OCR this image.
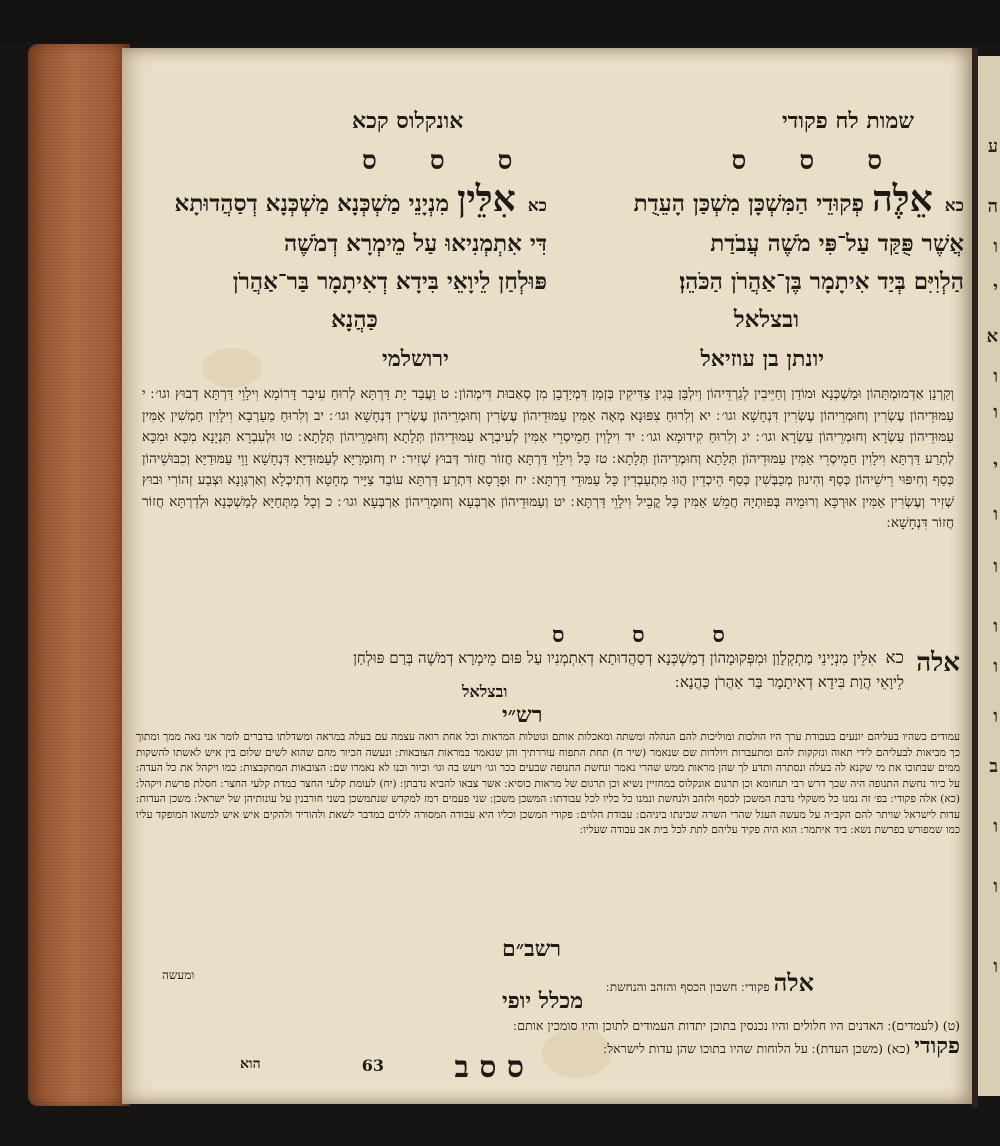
שמות לח פקודי
אונקלוס קכא
ס ס ס
ס ס ס
כא אֵלֶּה פְקוּדֵי הַמִּשְׁכָּן מִשְׁכַּן הָעֵדֻת
אֲשֶׁר פֻּקַּד עַל־פִּי מֹשֶׁה עֲבֹדַת
הַלְוִיִּם בְּיַד אִיתָמָר בֶּן־אַהֲרֹן הַכֹּהֵן׃
ובצלאל
כא אִלֵּין מִנְיָנֵי מַשְׁכְּנָא מַשְׁכְּנָא דְסַהֲדוּתָא
דִּי אִתְמְנִיאוּ עַל מֵימְרָא דְמֹשֶׁה
פּוּלְחַן לֵיוָאֵי בִּידָא דְאִיתָמָר בַּר־אַהֲרֹן
כַּהֲנָא
יונתן בן עוזיאל
ירושלמי
וְקַרְנַן אַדְמוּמְתָּהוֹן וּמַשְׁכְּנָא וּמוֹדַן וְחַיֵּיבִין לְגַרְדֵּיהוֹן וְיִלְבָּן בְּגִין צַדִּיקִין בְּזְמַן דִּמְיָדְבָן מִן סְאַבוּת דִּימְהוֹן ׃ ט וַעֲבַד יָת דַּרְתָּא לְרוּחַ עִיבַר דָּרוֹמָא וִילָוֵי דַּרְתָּא דְבוּץ וגו׳ ׃ י עַמּוּדֵיהוֹן עֶשְׂרִין וְחוּמְרֵיהוֹן עֶשְׂרִין דִּנְחָשָׁא וגו׳ ׃ יא וְלִרוּחַ צִפּוּנָא מְאָה אַמִּין עַמּוּדֵיהוֹן עֶשְׂרִין וְחוּמְרֵיהוֹן עֶשְׂרִין דִּנְחָשָׁא וגו׳ ׃ יב וְלִרוּחַ מַעַרְבָא וִילָוִין חַמְשִׁין אַמִּין עַמּוּדֵיהוֹן עַשְׂרָא וְחוּמְרֵיהוֹן עַשְׂרָא וגו׳ ׃ יג וְלִרוּחַ קִידוּמָא וגו׳ ׃ יד וִילָוִין חַמֵיסְרֵי אַמִּין לְעִיבְרָא עַמּוּדֵיהוֹן תְּלָתָא וְחוּמְרֵיהוֹן תְּלָתָא ׃ טו וּלְעִבְרָא תִּנְיָנָא מִכָּא וּמִכָּא לְתְרַע דַּרְתָּא וִילָוִין חַמֵיסְרֵי אַמִּין עַמּוּדֵיהוֹן תְּלָתָא וְחוּמְרֵיהוֹן תְּלָתָא ׃ טז כָּל וִילָוֵי דַּרְתָּא חֲזוֹר חֲזוֹר דְּבוּץ שְׁזִיר ׃ יז וְחוּמְרַיָּא לְעַמּוּדַיָּא דִּנְחָשָׁא וָוֵי עַמּוּדַיָּא וְכִבּוּשֵׁיהוֹן כְּסַף וְחִיפּוּי רֵישֵׁיהוֹן כְּסַף וְהִינוּן מְכַבְּשִׁין כְּסַף הֵיכְדֵין הֲווּ מִתְעַבְדִין כָּל עַמּוּדֵי דַּרְתָּא ׃ יח וּפְרָסָא דִּתְרַע דַּרְתָּא עוֹבַד צַיָּיר מְחָטָא דְּתִיכְלָא וְאַרְגְּוָנָא וּצְבַע זְהוֹרִי וּבוּץ שְׁזִיר וְעֶשְׂרִין אַמִּין אוּרְכָּא וְרוּמֵיהּ בְּפוּתְיָהּ חֲמֵשׁ אַמִּין כָּל קֳבֵיל וִילָוֵי דַּרְתָּא ׃ יט וְעַמּוּדֵיהוֹן אַרְבְּעָא וְחוּמְרֵיהוֹן אַרְבְּעָא וגו׳ ׃ כ וְכָל מַתְּחַיָּא לְמַשְׁכְּנָא וּלְדַרְתָּא חֲזוֹר חֲזוֹר דִּנְחָשָׁא ׃
ס ס ס
אלה
כא אִלֵּין מִנְיָינֵי מַתְקְלָוַן וּמִפְּקוּמָהוֹן דְמַשְׁכְּנָא דְסַהֲדוּתָא דְאִתְמְנִיו עַל פּוּם מֵימְרָא דְמֹשֶׁה בְּרַם פּוּלְחַן
לֵיוָאֵי הֲוַת בִּידָא דְאִיתָמָר בַּר אַהֲרֹן כַּהֲנָא ׃
ובצלאל
רש״י
עמודים כשהיו בעליהם יונעים בעבודת ערך היו הולכות ומוליכות להם הנהלה ומשתה ומאכלות אותם ונוטלות המראות וכל אחת רואה עצמה עם בעלה במראה ומשדלתו בדברים לומר אני נאה ממך ומתוך כך מביאות לבעליהם לידי תאוה ונזקקות להם ומתעברות ויולדות שם שנאמר (שיר ח) תחת התפוח עוררתיך והן שנאמר במראות הצובאות ׃ ונעשה הכיור מהם שהוא לשים שלום בין איש לאשתו להשקות ממים שבתוכו את מי שקנא לה בעלה ונסתרה ותדע לך שהן מראות ממש שהרי נאמר ונחשת התנופה שבעים ככר וגו׳ ויעש בה וגו׳ וכיור וכנו לא נאמרו שם ׃ הצובאות המתקבצות ׃ כמו ויקהל את כל העדה ׃ על כיור נחשת התנופה היה שכך דרש רבי תנחומא וכן תרגום אונקלוס במחזיין נשיא וכן תרגום של מראות כוסיא ׃ אשר צבאו להביא נדבתן ׃ (יח) לעומת קלעי החצר כמדת קלעי החצר ׃ חסלת פרשת ויקהל ׃ (כא) אלה פקודי ׃ בפ׳ זה נמנו כל משקלי נדבת המשכן לכסף ולזהב ולנחשת ונמנו כל כליו לכל עבודתו ׃ המשכן משכן ׃ שני פעמים רמז למקדש שנתמשכן בשני חורבנין על עונותיהן של ישראל ׃ משכן העדות ׃ עדות לישראל שויתר להם הקב״ה על מעשה העגל שהרי השרה שכינתו ביניהם ׃ עבודת הלוים ׃ פקודי המשכן וכליו היא עבודה המסורה ללוים במדבר לשאת ולהוריד ולהקים איש איש למשאו המופקד עליו כמו שמפורש בפרשת נשא ׃ ביד איתמר ׃ הוא היה פקיד עליהם לתת לכל בית אב עבודה שעליו ׃
רשב״ם
אלה פקודי ׃ חשבון הכסף והזהב והנחשת ׃
ומעשה
מכלל יופי
(ט) (לעמדים) ׃ האדנים היו חלולים והיו נכנסין בתוכן יתדות העמודים לתוכן והיו סומכין אותם ׃
פקודי (כא) (משכן העדת) ׃ על הלוחות שהיו בתוכו שהן עדות לישראל ׃
ס ס ב
63
הוא
ע
ה
ו
י
א
ו
ו
י
ו
ו
ו
ו
ו
ב
ו
ו
ו
